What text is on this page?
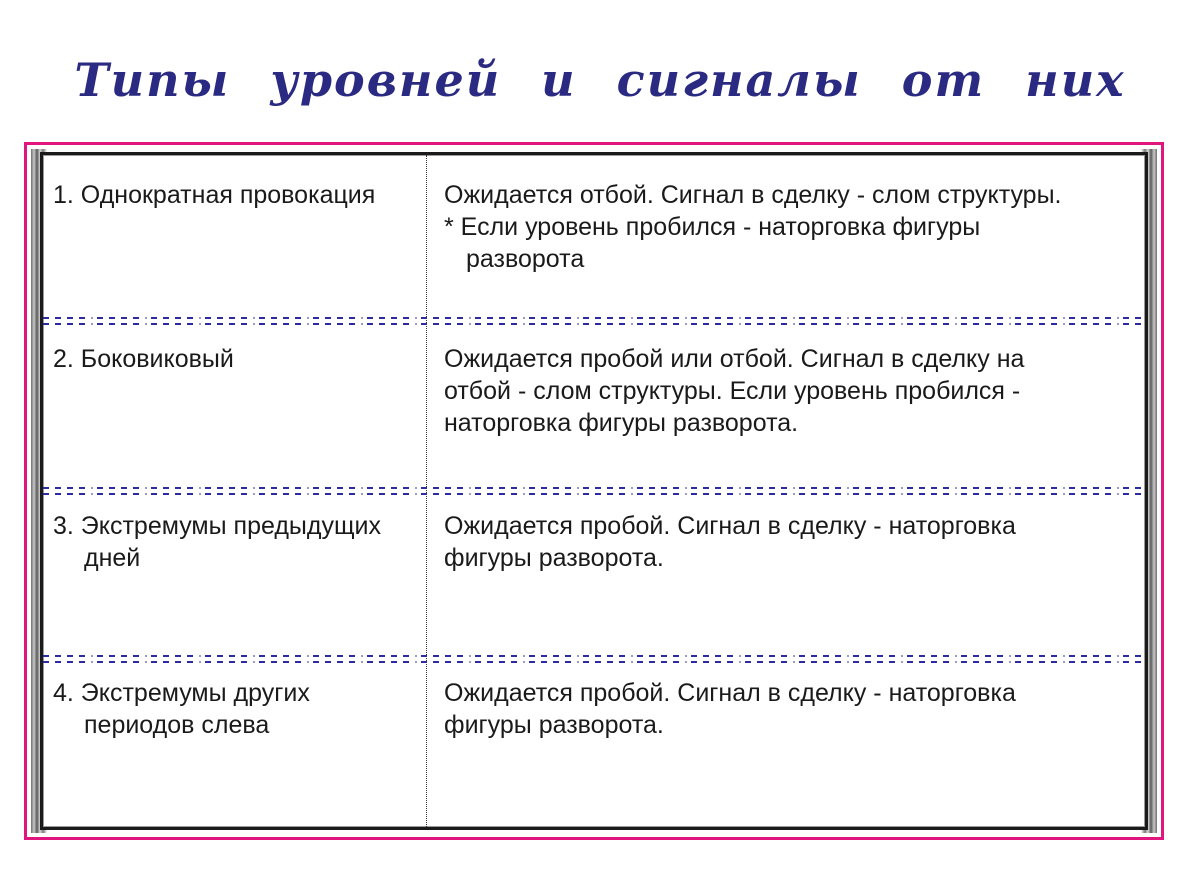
Типы уровней и сигналы от них
1. Однократная провокация	Ожидается отбой. Сигнал в сделку - слом структуры.
* Если уровень пробился - наторговка фигуры
разворота
2. Боковиковый	Ожидается пробой или отбой. Сигнал в сделку на
отбой - слом структуры. Если уровень пробился -
наторговка фигуры разворота.
3. Экстремумы предыдущих дней
Ожидается пробой. Сигнал в сделку - наторговка
фигуры разворота.
4. Экстремумы других периодов слева
Ожидается пробой. Сигнал в сделку - наторговка
фигуры разворота.
